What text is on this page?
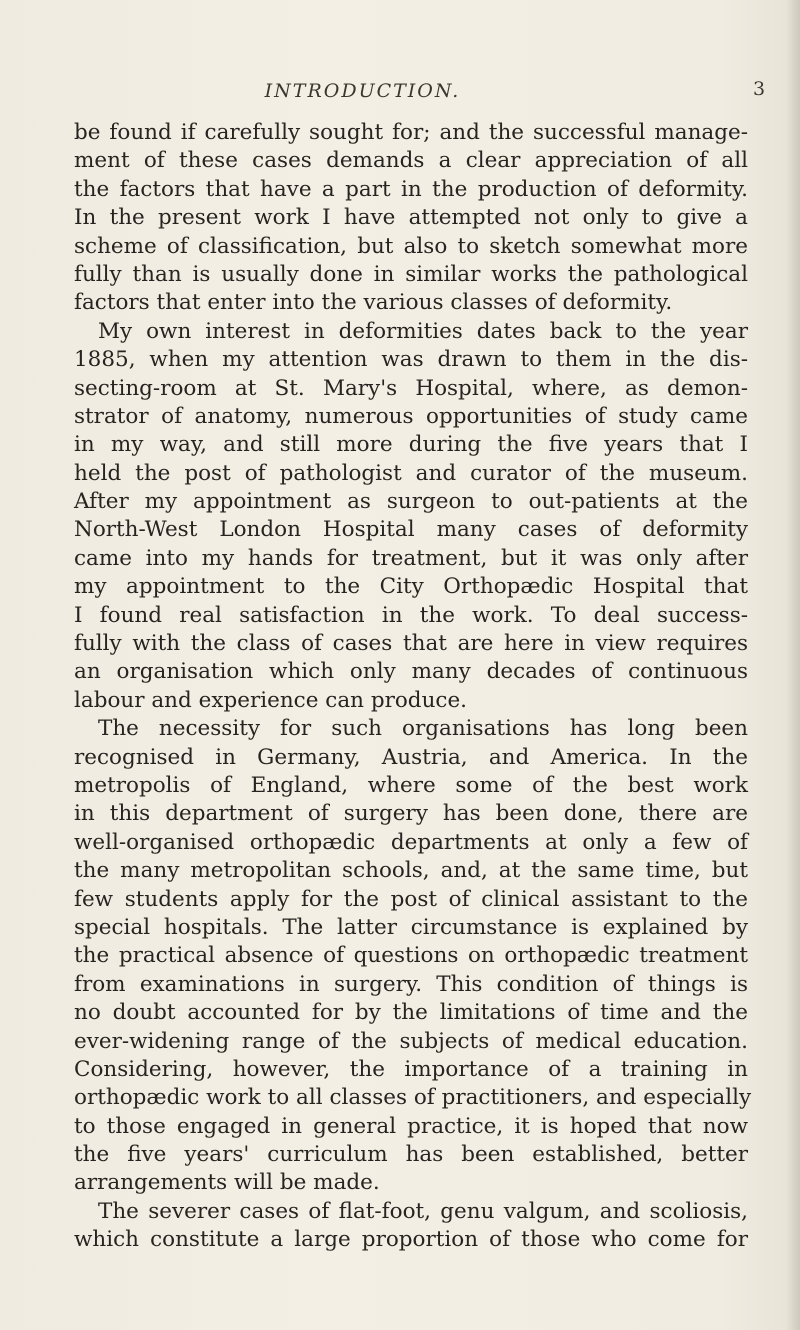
INTRODUCTION.	3
be found if carefully sought for; and the successful manage-
ment of these cases demands a clear appreciation of all
the factors that have a part in the production of deformity.
In the present work I have attempted not only to give a
scheme of classification, but also to sketch somewhat more
fully than is usually done in similar works the pathological
factors that enter into the various classes of deformity.
My own interest in deformities dates back to the year
1885, when my attention was drawn to them in the dis-
secting-room at St. Mary's Hospital, where, as demon-
strator of anatomy, numerous opportunities of study came
in my way, and still more during the five years that I
held the post of pathologist and curator of the museum.
After my appointment as surgeon to out-patients at the
North-West London Hospital many cases of deformity
came into my hands for treatment, but it was only after
my appointment to the City Orthopædic Hospital that
I found real satisfaction in the work. To deal success-
fully with the class of cases that are here in view requires
an organisation which only many decades of continuous
labour and experience can produce.
The necessity for such organisations has long been
recognised in Germany, Austria, and America. In the
metropolis of England, where some of the best work
in this department of surgery has been done, there are
well-organised orthopædic departments at only a few of
the many metropolitan schools, and, at the same time, but
few students apply for the post of clinical assistant to the
special hospitals. The latter circumstance is explained by
the practical absence of questions on orthopædic treatment
from examinations in surgery. This condition of things is
no doubt accounted for by the limitations of time and the
ever-widening range of the subjects of medical education.
Considering, however, the importance of a training in
orthopædic work to all classes of practitioners, and especially
to those engaged in general practice, it is hoped that now
the five years' curriculum has been established, better
arrangements will be made.
The severer cases of flat-foot, genu valgum, and scoliosis,
which constitute a large proportion of those who come for
